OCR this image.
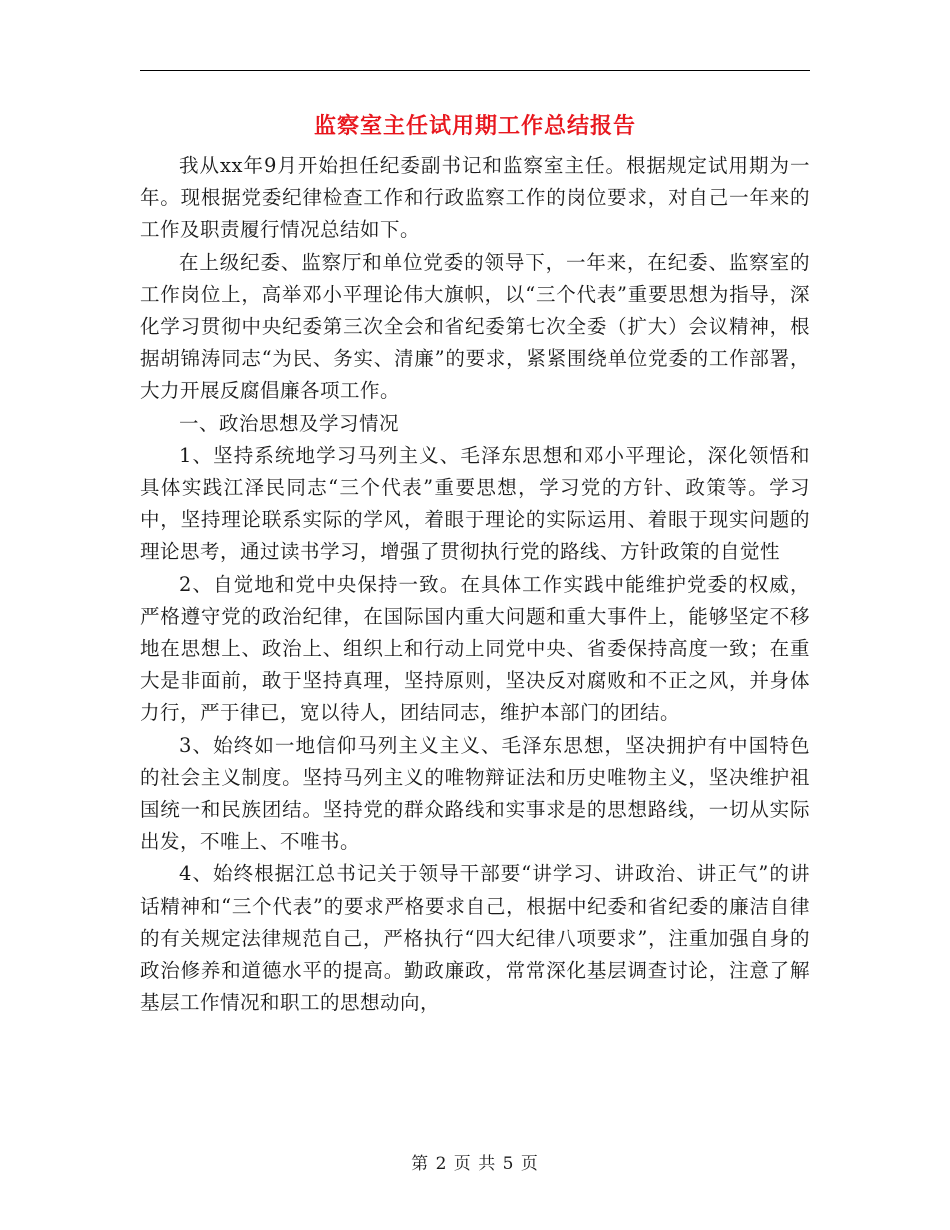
监察室主任试用期工作总结报告

我从xx年9月开始担任纪委副书记和监察室主任。根据规定试用期为一年。现根据党委纪律检查工作和行政监察工作的岗位要求，对自己一年来的工作及职责履行情况总结如下。

在上级纪委、监察厅和单位党委的领导下，一年来，在纪委、监察室的工作岗位上，高举邓小平理论伟大旗帜，以“三个代表”重要思想为指导，深化学习贯彻中央纪委第三次全会和省纪委第七次全委（扩大）会议精神，根据胡锦涛同志“为民、务实、清廉”的要求，紧紧围绕单位党委的工作部署，大力开展反腐倡廉各项工作。

一、政治思想及学习情况

1、坚持系统地学习马列主义、毛泽东思想和邓小平理论，深化领悟和具体实践江泽民同志“三个代表”重要思想，学习党的方针、政策等。学习中，坚持理论联系实际的学风，着眼于理论的实际运用、着眼于现实问题的理论思考，通过读书学习，增强了贯彻执行党的路线、方针政策的自觉性

2、自觉地和党中央保持一致。在具体工作实践中能维护党委的权威，严格遵守党的政治纪律，在国际国内重大问题和重大事件上，能够坚定不移地在思想上、政治上、组织上和行动上同党中央、省委保持高度一致；在重大是非面前，敢于坚持真理，坚持原则，坚决反对腐败和不正之风，并身体力行，严于律已，宽以待人，团结同志，维护本部门的团结。

3、始终如一地信仰马列主义主义、毛泽东思想，坚决拥护有中国特色的社会主义制度。坚持马列主义的唯物辩证法和历史唯物主义，坚决维护祖国统一和民族团结。坚持党的群众路线和实事求是的思想路线，一切从实际出发，不唯上、不唯书。

4、始终根据江总书记关于领导干部要“讲学习、讲政治、讲正气”的讲话精神和“三个代表”的要求严格要求自己，根据中纪委和省纪委的廉洁自律的有关规定法律规范自己，严格执行“四大纪律八项要求”，注重加强自身的政治修养和道德水平的提高。勤政廉政，常常深化基层调查讨论，注意了解基层工作情况和职工的思想动向，

第 2 页 共 5 页
